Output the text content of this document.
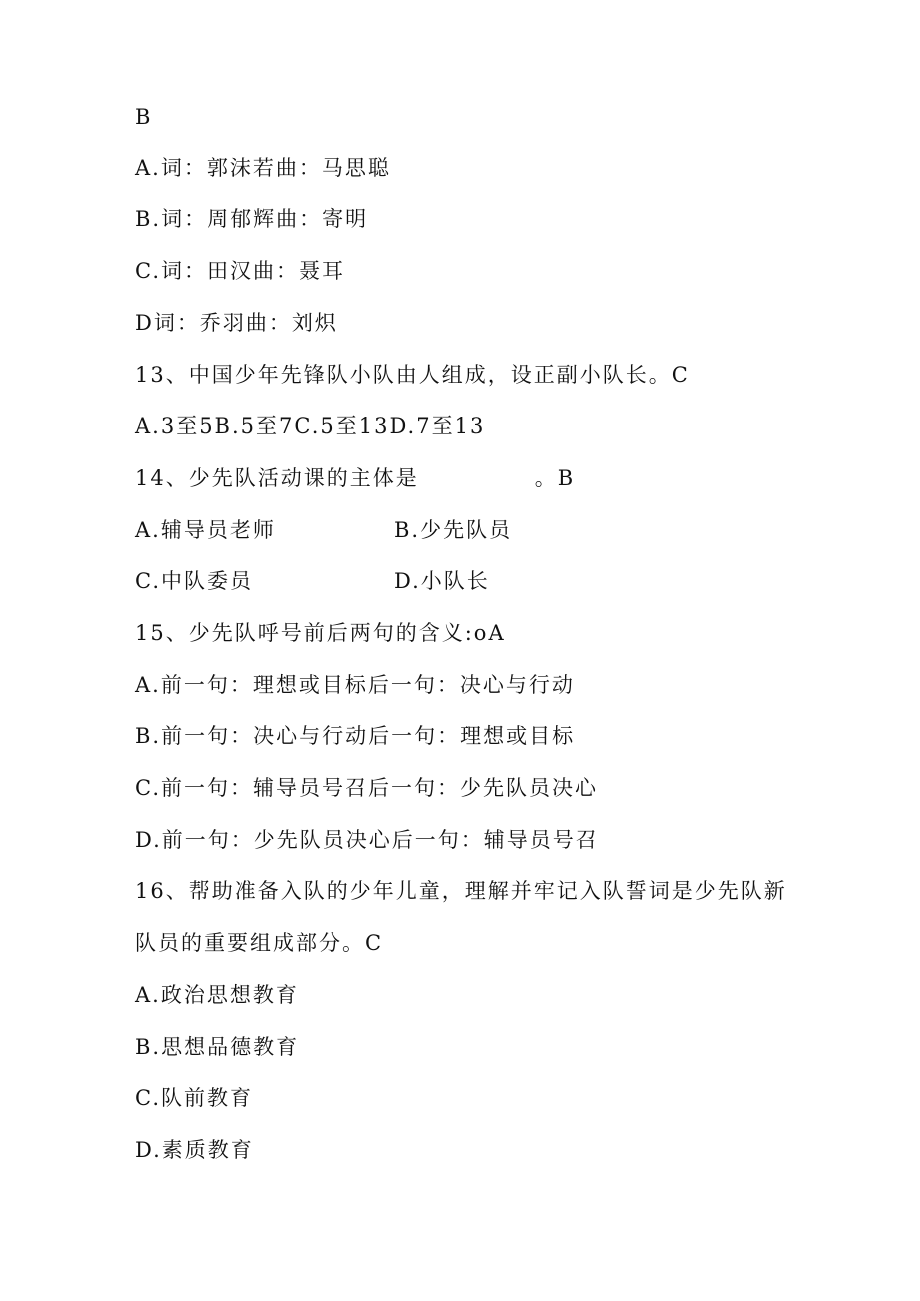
B
A.词：郭沫若曲：马思聪
B.词：周郁辉曲：寄明
C.词：田汉曲：聂耳
D词：乔羽曲：刘炽
13、中国少年先锋队小队由人组成，设正副小队长。C
A.3至5B.5至7C.5至13D.7至13
14、少先队活动课的主体是	。B
A.辅导员老师	B.少先队员
C.中队委员	D.小队长
15、少先队呼号前后两句的含义:oA
A.前一句：理想或目标后一句：决心与行动
B.前一句：决心与行动后一句：理想或目标
C.前一句：辅导员号召后一句：少先队员决心
D.前一句：少先队员决心后一句：辅导员号召
16、帮助准备入队的少年儿童，理解并牢记入队誓词是少先队新
队员的重要组成部分。C
A.政治思想教育
B.思想品德教育
C.队前教育
D.素质教育
